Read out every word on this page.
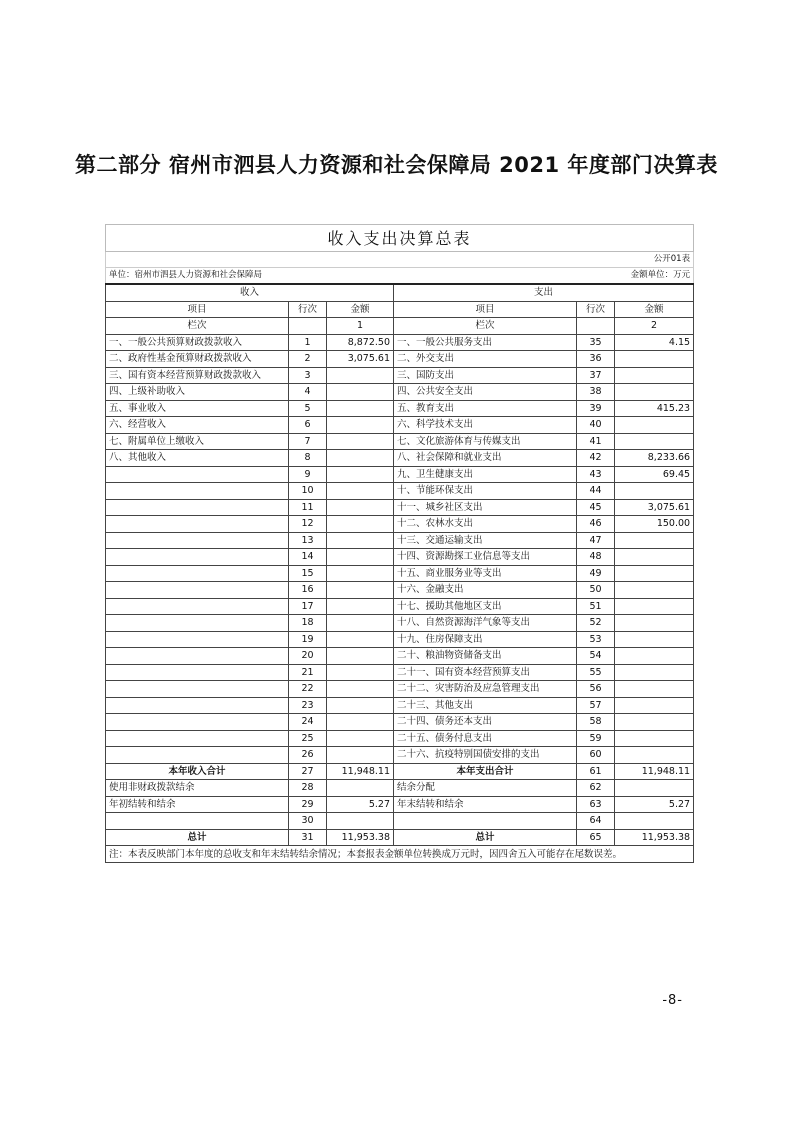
第二部分 宿州市泗县人力资源和社会保障局 2021 年度部门决算表
收入支出决算总表					
公开01表					
单位：宿州市泗县人力资源和社会保障局				金额单位：万元	
收入			支出		
项目	行次	金额	项目	行次	金额
栏次		1	栏次		2
一、一般公共预算财政拨款收入	1	8,872.50	一、一般公共服务支出	35	4.15
二、政府性基金预算财政拨款收入	2	3,075.61	二、外交支出	36	
三、国有资本经营预算财政拨款收入	3		三、国防支出	37	
四、上级补助收入	4		四、公共安全支出	38	
五、事业收入	5		五、教育支出	39	415.23
六、经营收入	6		六、科学技术支出	40	
七、附属单位上缴收入	7		七、文化旅游体育与传媒支出	41	
八、其他收入	8		八、社会保障和就业支出	42	8,233.66
	9		九、卫生健康支出	43	69.45
	10		十、节能环保支出	44	
	11		十一、城乡社区支出	45	3,075.61
	12		十二、农林水支出	46	150.00
	13		十三、交通运输支出	47	
	14		十四、资源勘探工业信息等支出	48	
	15		十五、商业服务业等支出	49	
	16		十六、金融支出	50	
	17		十七、援助其他地区支出	51	
	18		十八、自然资源海洋气象等支出	52	
	19		十九、住房保障支出	53	
	20		二十、粮油物资储备支出	54	
	21		二十一、国有资本经营预算支出	55	
	22		二十二、灾害防治及应急管理支出	56	
	23		二十三、其他支出	57	
	24		二十四、债务还本支出	58	
	25		二十五、债务付息支出	59	
	26		二十六、抗疫特别国债安排的支出	60	
本年收入合计	27	11,948.11	本年支出合计	61	11,948.11
使用非财政拨款结余	28		结余分配	62	
年初结转和结余	29	5.27	年末结转和结余	63	5.27
	30			64	
总计	31	11,953.38	总计	65	11,953.38
注：本表反映部门本年度的总收支和年末结转结余情况；本套报表金额单位转换成万元时，因四舍五入可能存在尾数误差。					
-8-
